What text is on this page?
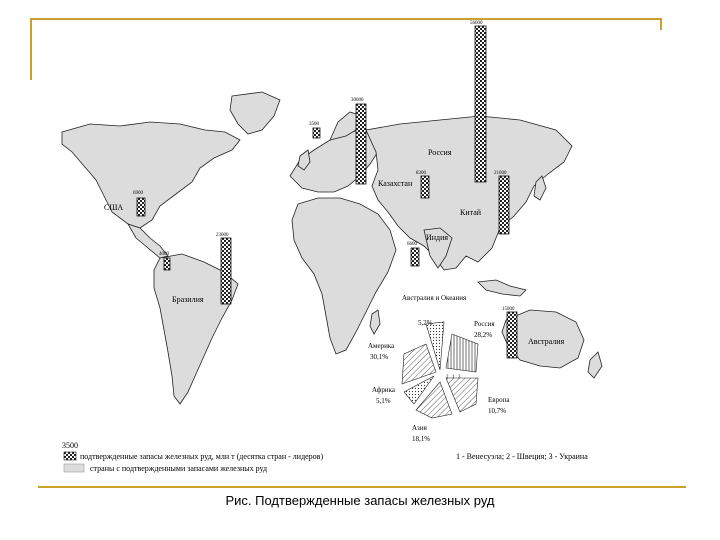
6900
23000
56000
8300	21000
6600
15000
30000
3500
4000
США
Бразилия
Россия
Казахстан
Китай
Индия
Австралия
Австралия и Океания
5,2%	Россия
28,2%
Европа
10,7%
Азия
18,1%
Африка
5,1%
Америка
30,1%
2 1 3
3500
подтвержденные запасы железных руд, млн т (десятка стран - лидеров)
страны с подтвержденными запасами железных руд
1 - Венесуэла; 2 - Швеция; 3 - Украина
Рис. Подтвержденные запасы железных руд
